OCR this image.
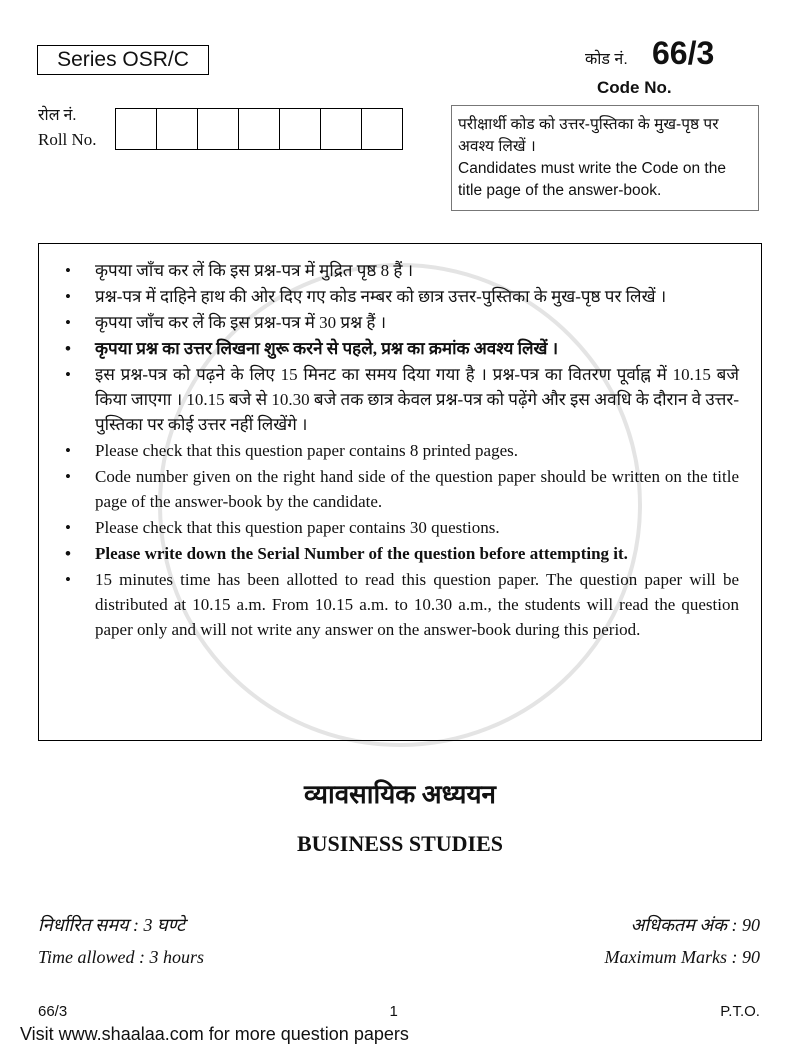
Series OSR/C	कोड नं. 66/3
Code No.
रोल नं.
Roll No.
परीक्षार्थी कोड को उत्तर-पुस्तिका के मुख-पृष्ठ पर अवश्य लिखें ।
Candidates must write the Code on the title page of the answer-book.
• कृपया जाँच कर लें कि इस प्रश्न-पत्र में मुद्रित पृष्ठ 8 हैं ।
• प्रश्न-पत्र में दाहिने हाथ की ओर दिए गए कोड नम्बर को छात्र उत्तर-पुस्तिका के मुख-पृष्ठ पर लिखें ।
• कृपया जाँच कर लें कि इस प्रश्न-पत्र में 30 प्रश्न हैं ।
• कृपया प्रश्न का उत्तर लिखना शुरू करने से पहले, प्रश्न का क्रमांक अवश्य लिखें ।
• इस प्रश्न-पत्र को पढ़ने के लिए 15 मिनट का समय दिया गया है । प्रश्न-पत्र का वितरण पूर्वाह्न में 10.15 बजे किया जाएगा । 10.15 बजे से 10.30 बजे तक छात्र केवल प्रश्न-पत्र को पढ़ेंगे और इस अवधि के दौरान वे उत्तर-पुस्तिका पर कोई उत्तर नहीं लिखेंगे ।
• Please check that this question paper contains 8 printed pages.
• Code number given on the right hand side of the question paper should be written on the title page of the answer-book by the candidate.
• Please check that this question paper contains 30 questions.
• Please write down the Serial Number of the question before attempting it.
• 15 minutes time has been allotted to read this question paper. The question paper will be distributed at 10.15 a.m. From 10.15 a.m. to 10.30 a.m., the students will read the question paper only and will not write any answer on the answer-book during this period.
व्यावसायिक अध्ययन
BUSINESS STUDIES
निर्धारित समय : 3 घण्टे	अधिकतम अंक : 90
Time allowed : 3 hours	Maximum Marks : 90
66/3	1	P.T.O.
Visit www.shaalaa.com for more question papers
